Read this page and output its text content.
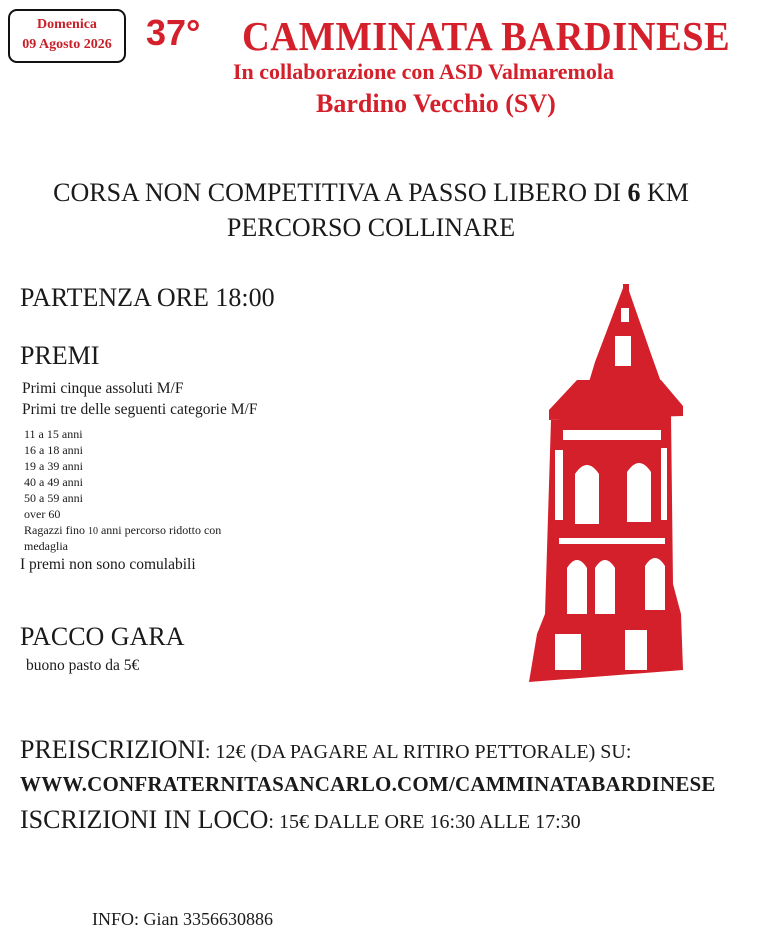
Domenica
09 Agosto 2026 37° CAMMINATA BARDINESE
In collaborazione con ASD Valmaremola
Bardino Vecchio (SV)
CORSA NON COMPETITIVA A PASSO LIBERO DI 6 KM
PERCORSO COLLINARE
PARTENZA ORE 18:00
PREMI
Primi cinque assoluti M/F
Primi tre delle seguenti categorie M/F
11 a 15 anni
16 a 18 anni
19 a 39 anni
40 a 49 anni
50 a 59 anni
over 60
Ragazzi fino 10 anni percorso ridotto con
medaglia
I premi non sono comulabili
PACCO GARA
buono pasto da 5€
PREISCRIZIONI: 12€ (DA PAGARE AL RITIRO PETTORALE) SU:
WWW.CONFRATERNITASANCARLO.COM/CAMMINATABARDINESE
ISCRIZIONI IN LOCO: 15€ DALLE ORE 16:30 ALLE 17:30
INFO: Gian 3356630886
